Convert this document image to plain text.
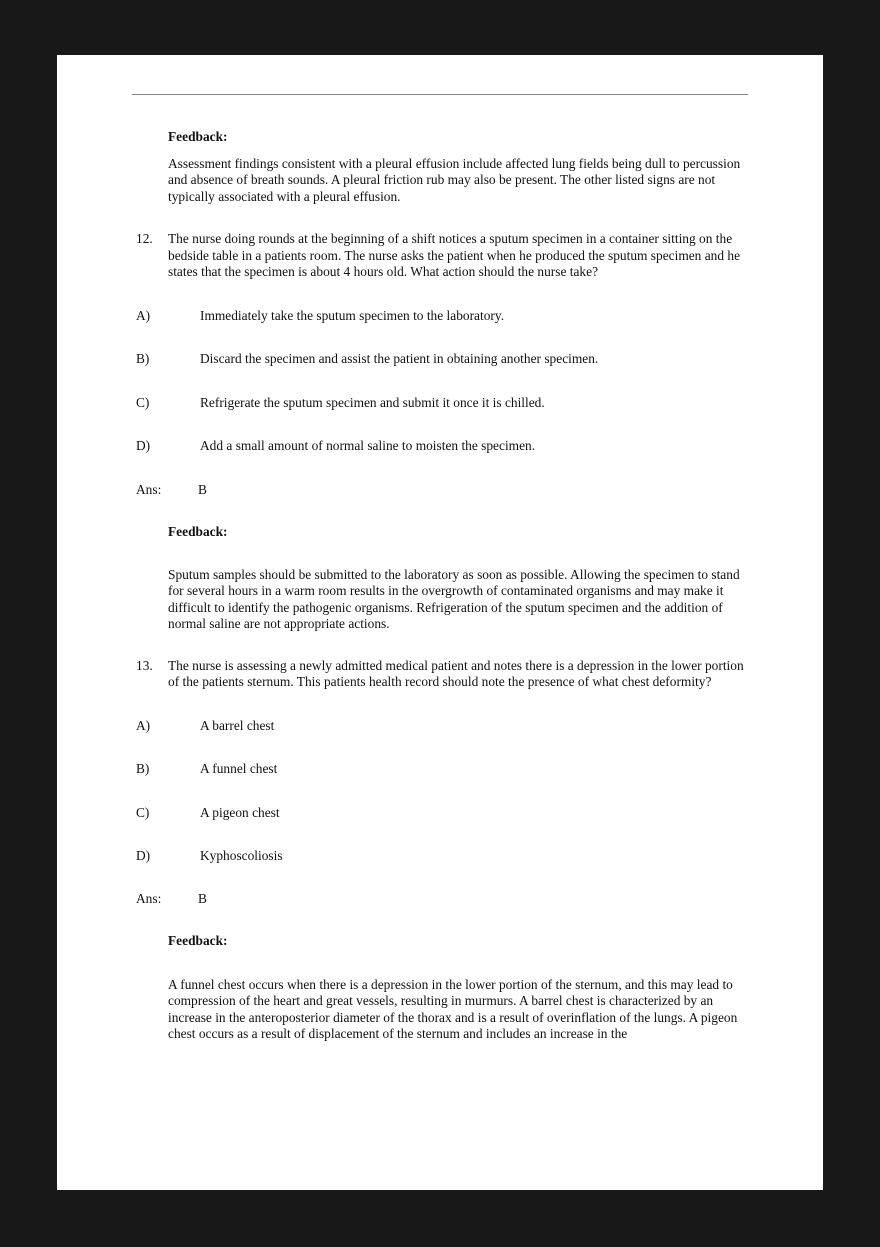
Feedback:
Assessment findings consistent with a pleural effusion include affected lung fields being dull to percussion and absence of breath sounds. A pleural friction rub may also be present. The other listed signs are not typically associated with a pleural effusion.
12.	The nurse doing rounds at the beginning of a shift notices a sputum specimen in a container sitting on the bedside table in a patients room. The nurse asks the patient when he produced the sputum specimen and he states that the specimen is about 4 hours old. What action should the nurse take?
A)	Immediately take the sputum specimen to the laboratory.
B)	Discard the specimen and assist the patient in obtaining another specimen.
C)	Refrigerate the sputum specimen and submit it once it is chilled.
D)	Add a small amount of normal saline to moisten the specimen.
Ans:	B
Feedback:
Sputum samples should be submitted to the laboratory as soon as possible. Allowing the specimen to stand for several hours in a warm room results in the overgrowth of contaminated organisms and may make it difficult to identify the pathogenic organisms. Refrigeration of the sputum specimen and the addition of normal saline are not appropriate actions.
13.	The nurse is assessing a newly admitted medical patient and notes there is a depression in the lower portion of the patients sternum. This patients health record should note the presence of what chest deformity?
A)	A barrel chest
B)	A funnel chest
C)	A pigeon chest
D)	Kyphoscoliosis
Ans:	B
Feedback:
A funnel chest occurs when there is a depression in the lower portion of the sternum, and this may lead to compression of the heart and great vessels, resulting in murmurs. A barrel chest is characterized by an increase in the anteroposterior diameter of the thorax and is a result of overinflation of the lungs. A pigeon chest occurs as a result of displacement of the sternum and includes an increase in the
